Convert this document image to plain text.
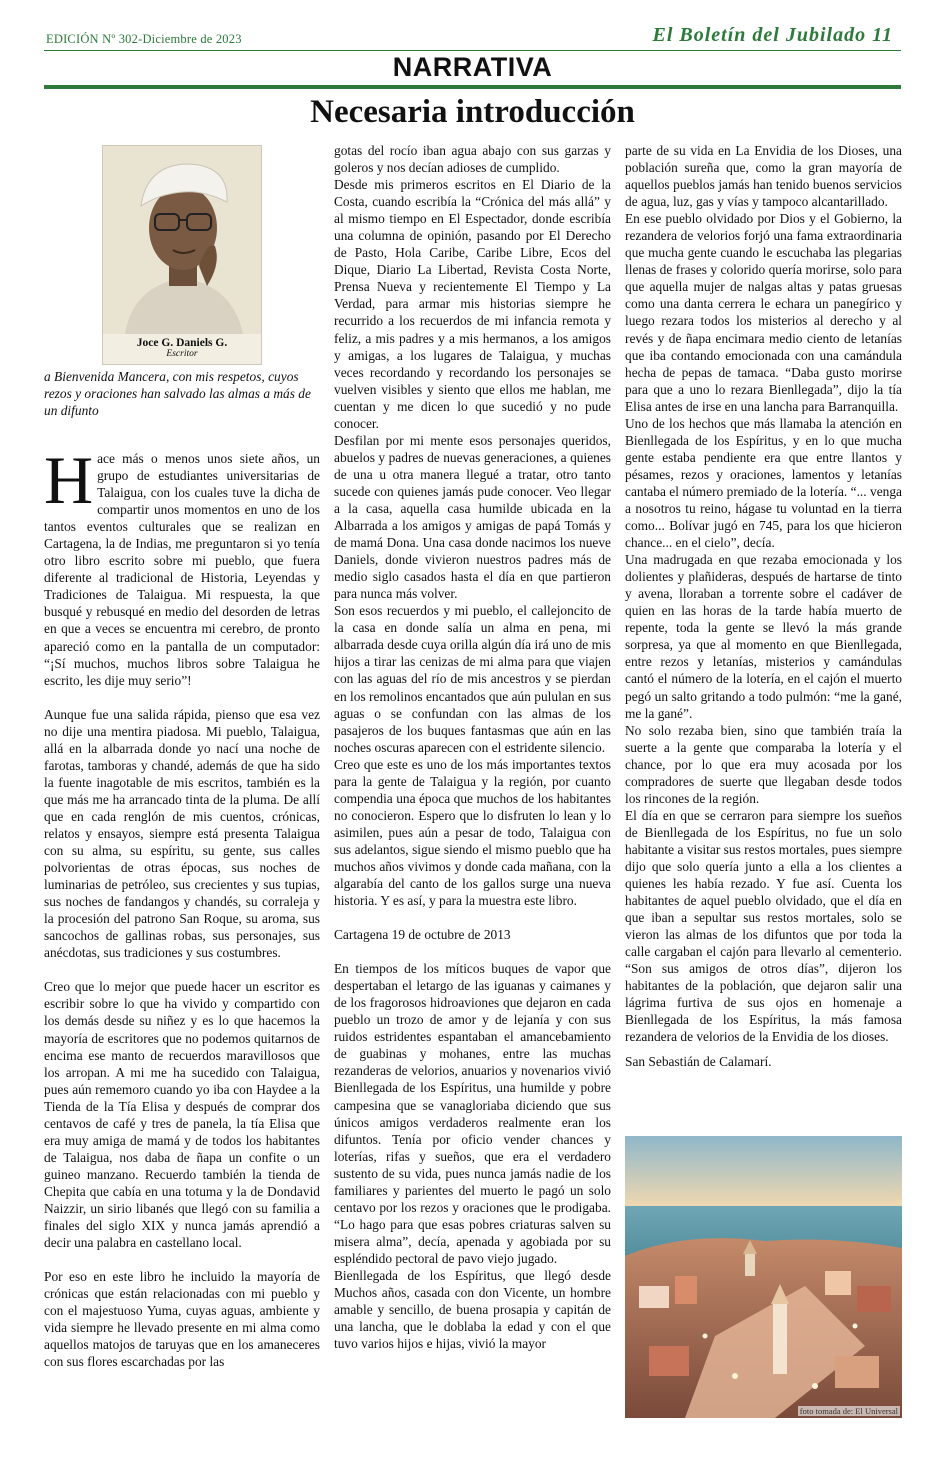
EDICIÓN Nº 302-Diciembre de 2023	El Boletín del Jubilado 11
NARRATIVA
Necesaria introducción
Joce G. Daniels G.
Escritor
a Bienvenida Mancera, con mis respetos, cuyos rezos y oraciones han salvado las almas a más de un difunto

Hace más o menos unos siete años, un grupo de estudiantes universitarias de Talaigua, con los cuales tuve la dicha de compartir unos momentos en uno de los tantos eventos culturales que se realizan en Cartagena, la de Indias, me preguntaron si yo tenía otro libro escrito sobre mi pueblo, que fuera diferente al tradicional de Historia, Leyendas y Tradiciones de Talaigua. Mi respuesta, la que busqué y rebusqué en medio del desorden de letras en que a veces se encuentra mi cerebro, de pronto apareció como en la pantalla de un computador: “¡Sí muchos, muchos libros sobre Talaigua he escrito, les dije muy serio”!

Aunque fue una salida rápida, pienso que esa vez no dije una mentira piadosa. Mi pueblo, Talaigua, allá en la albarrada donde yo nací una noche de farotas, tamboras y chandé, además de que ha sido la fuente inagotable de mis escritos, también es la que más me ha arrancado tinta de la pluma. De allí que en cada renglón de mis cuentos, crónicas, relatos y ensayos, siempre está presenta Talaigua con su alma, su espíritu, su gente, sus calles polvorientas de otras épocas, sus noches de luminarias de petróleo, sus crecientes y sus tupias, sus noches de fandangos y chandés, su corraleja y la procesión del patrono San Roque, su aroma, sus sancochos de gallinas robas, sus personajes, sus anécdotas, sus tradiciones y sus costumbres.

Creo que lo mejor que puede hacer un escritor es escribir sobre lo que ha vivido y compartido con los demás desde su niñez y es lo que hacemos la mayoría de escritores que no podemos quitarnos de encima ese manto de recuerdos maravillosos que los arropan. A mi me ha sucedido con Talaigua, pues aún rememoro cuando yo iba con Haydee a la Tienda de la Tía Elisa y después de comprar dos centavos de café y tres de panela, la tía Elisa que era muy amiga de mamá y de todos los habitantes de Talaigua, nos daba de ñapa un confite o un guineo manzano. Recuerdo también la tienda de Chepita que cabía en una totuma y la de Dondavid Naizzir, un sirio libanés que llegó con su familia a finales del siglo XIX y nunca jamás aprendió a decir una palabra en castellano local.

Por eso en este libro he incluido la mayoría de crónicas que están relacionadas con mi pueblo y con el majestuoso Yuma, cuyas aguas, ambiente y vida siempre he llevado presente en mi alma como aquellos matojos de taruyas que en los amaneceres con sus flores escarchadas por las

gotas del rocío iban agua abajo con sus garzas y goleros y nos decían adioses de cumplido.

Desde mis primeros escritos en El Diario de la Costa, cuando escribía la “Crónica del más allá” y al mismo tiempo en El Espectador, donde escribía una columna de opinión, pasando por El Derecho de Pasto, Hola Caribe, Caribe Libre, Ecos del Dique, Diario La Libertad, Revista Costa Norte, Prensa Nueva y recientemente El Tiempo y La Verdad, para armar mis historias siempre he recurrido a los recuerdos de mi infancia remota y feliz, a mis padres y a mis hermanos, a los amigos y amigas, a los lugares de Talaigua, y muchas veces recordando y recordando los personajes se vuelven visibles y siento que ellos me hablan, me cuentan y me dicen lo que sucedió y no pude conocer.

Desfilan por mi mente esos personajes queridos, abuelos y padres de nuevas generaciones, a quienes de una u otra manera llegué a tratar, otro tanto sucede con quienes jamás pude conocer. Veo llegar a la casa, aquella casa humilde ubicada en la Albarrada a los amigos y amigas de papá Tomás y de mamá Dona. Una casa donde nacimos los nueve Daniels, donde vivieron nuestros padres más de medio siglo casados hasta el día en que partieron para nunca más volver.

Son esos recuerdos y mi pueblo, el callejoncito de la casa en donde salía un alma en pena, mi albarrada desde cuya orilla algún día irá uno de mis hijos a tirar las cenizas de mi alma para que viajen con las aguas del río de mis ancestros y se pierdan en los remolinos encantados que aún pululan en sus aguas o se confundan con las almas de los pasajeros de los buques fantasmas que aún en las noches oscuras aparecen con el estridente silencio.

Creo que este es uno de los más importantes textos para la gente de Talaigua y la región, por cuanto compendia una época que muchos de los habitantes no conocieron. Espero que lo disfruten lo lean y lo asimilen, pues aún a pesar de todo, Talaigua con sus adelantos, sigue siendo el mismo pueblo que ha muchos años vivimos y donde cada mañana, con la algarabía del canto de los gallos surge una nueva historia. Y es así, y para la muestra este libro.

Cartagena 19 de octubre de 2013

En tiempos de los míticos buques de vapor que despertaban el letargo de las iguanas y caimanes y de los fragorosos hidroaviones que dejaron en cada pueblo un trozo de amor y de lejanía y con sus ruidos estridentes espantaban el amancebamiento de guabinas y mohanes, entre las muchas rezanderas de velorios, anuarios y novenarios vivió Bienllegada de los Espíritus, una humilde y pobre campesina que se vanagloriaba diciendo que sus únicos amigos verdaderos realmente eran los difuntos. Tenía por oficio vender chances y loterías, rifas y sueños, que era el verdadero sustento de su vida, pues nunca jamás nadie de los familiares y parientes del muerto le pagó un solo centavo por los rezos y oraciones que le prodigaba. “Lo hago para que esas pobres criaturas salven su misera alma”, decía, apenada y agobiada por su espléndido pectoral de pavo viejo jugado.

Bienllegada de los Espíritus, que llegó desde Muchos años, casada con don Vicente, un hombre amable y sencillo, de buena prosapia y capitán de una lancha, que le doblaba la edad y con el que tuvo varios hijos e hijas, vivió la mayor

parte de su vida en La Envidia de los Dioses, una población sureña que, como la gran mayoría de aquellos pueblos jamás han tenido buenos servicios de agua, luz, gas y vías y tampoco alcantarillado.

En ese pueblo olvidado por Dios y el Gobierno, la rezandera de velorios forjó una fama extraordinaria que mucha gente cuando le escuchaba las plegarias llenas de frases y colorido quería morirse, solo para que aquella mujer de nalgas altas y patas gruesas como una danta cerrera le echara un panegírico y luego rezara todos los misterios al derecho y al revés y de ñapa encimara medio ciento de letanías que iba contando emocionada con una camándula hecha de pepas de tamaca. “Daba gusto morirse para que a uno lo rezara Bienllegada”, dijo la tía Elisa antes de irse en una lancha para Barranquilla.

Uno de los hechos que más llamaba la atención en Bienllegada de los Espíritus, y en lo que mucha gente estaba pendiente era que entre llantos y pésames, rezos y oraciones, lamentos y letanías cantaba el número premiado de la lotería. “... venga a nosotros tu reino, hágase tu voluntad en la tierra como... Bolívar jugó en 745, para los que hicieron chance... en el cielo”, decía.

Una madrugada en que rezaba emocionada y los dolientes y plañideras, después de hartarse de tinto y avena, lloraban a torrente sobre el cadáver de quien en las horas de la tarde había muerto de repente, toda la gente se llevó la más grande sorpresa, ya que al momento en que Bienllegada, entre rezos y letanías, misterios y camándulas cantó el número de la lotería, en el cajón el muerto pegó un salto gritando a todo pulmón: “me la gané, me la gané”.

No solo rezaba bien, sino que también traía la suerte a la gente que comparaba la lotería y el chance, por lo que era muy acosada por los compradores de suerte que llegaban desde todos los rincones de la región.

El día en que se cerraron para siempre los sueños de Bienllegada de los Espíritus, no fue un solo habitante a visitar sus restos mortales, pues siempre dijo que solo quería junto a ella a los clientes a quienes les había rezado. Y fue así. Cuenta los habitantes de aquel pueblo olvidado, que el día en que iban a sepultar sus restos mortales, solo se vieron las almas de los difuntos que por toda la calle cargaban el cajón para llevarlo al cementerio. “Son sus amigos de otros días”, dijeron los habitantes de la población, que dejaron salir una lágrima furtiva de sus ojos en homenaje a Bienllegada de los Espíritus, la más famosa rezandera de velorios de la Envidia de los dioses.

San Sebastián de Calamarí.

foto tomada de: El Universal
